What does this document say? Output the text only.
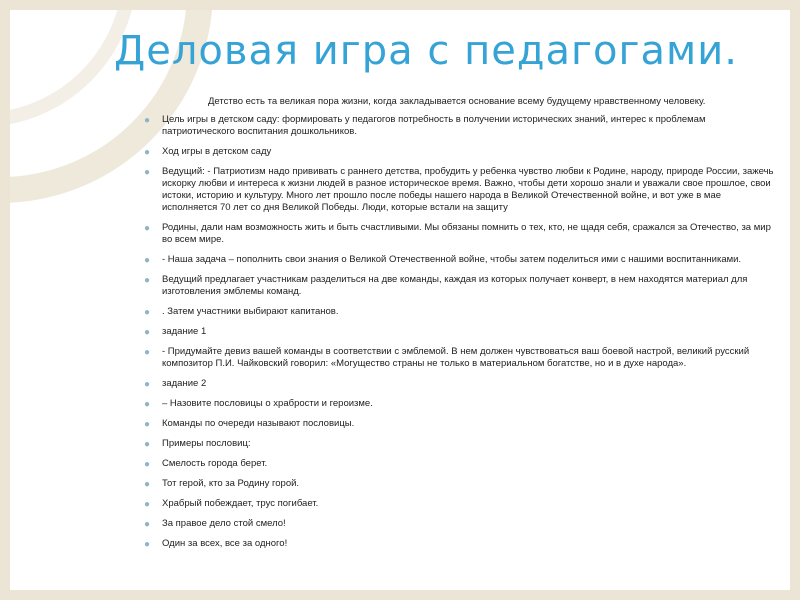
Деловая игра с педагогами.
Детство есть та великая пора жизни, когда закладывается основание всему будущему нравственному человеку.
● Цель игры в детском саду: формировать у педагогов потребность в получении исторических знаний, интерес к проблемам патриотического воспитания дошкольников.
● Ход игры в детском саду
● Ведущий: - Патриотизм надо прививать с раннего детства, пробудить у ребенка чувство любви к Родине, народу, природе России, зажечь искорку любви и интереса к жизни людей в разное историческое время. Важно, чтобы дети хорошо знали и уважали свое прошлое, свои истоки, историю и культуру. Много лет прошло после победы нашего народа в Великой Отечественной войне, и вот уже в мае исполняется 70 лет со дня Великой Победы. Люди, которые встали на защиту
● Родины, дали нам возможность жить и быть счастливыми. Мы обязаны помнить о тех, кто, не щадя себя, сражался за Отечество, за мир во всем мире.
● - Наша задача – пополнить свои знания о Великой Отечественной войне, чтобы затем поделиться ими с нашими воспитанниками.
● Ведущий предлагает участникам разделиться на две команды, каждая из которых получает конверт, в нем находятся материал для изготовления эмблемы команд.
● . Затем участники выбирают капитанов.
● задание 1
● - Придумайте девиз вашей команды в соответствии с эмблемой. В нем должен чувствоваться ваш боевой настрой, великий русский композитор П.И. Чайковский говорил: «Могущество страны не только в материальном богатстве, но и в духе народа».
● задание 2
● – Назовите пословицы о храбрости и героизме.
● Команды по очереди называют пословицы.
● Примеры пословиц:
● Смелость города берет.
● Тот герой, кто за Родину горой.
● Храбрый побеждает, трус погибает.
● За правое дело стой смело!
● Один за всех, все за одного!
